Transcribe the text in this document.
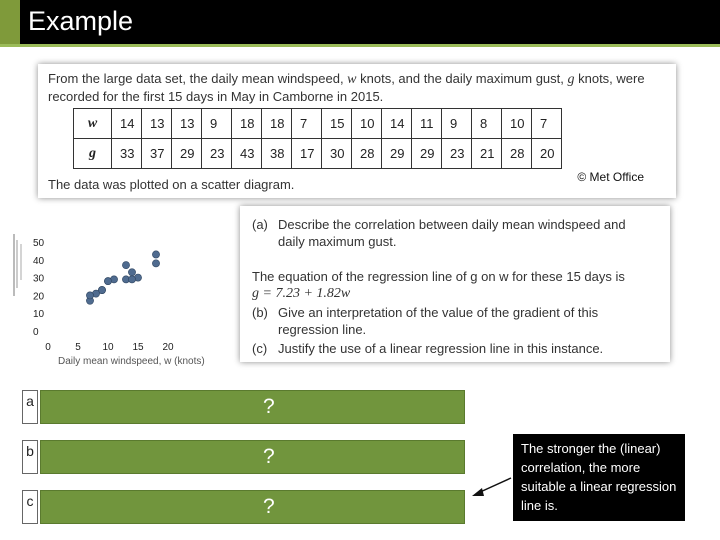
Example
From the large data set, the daily mean windspeed, w knots, and the daily maximum gust, g knots, were recorded for the first 15 days in May in Camborne in 2015.
w	14	13	13	9	18	18	7	15	10	14	11	9	8	10	7
g	33	37	29	23	43	38	17	30	28	29	29	23	21	28	20
The data was plotted on a scatter diagram.	© Met Office
0
10
20
30
40
50
0 5 10 15 20
Daily mean windspeed, w (knots)
(a) Describe the correlation between daily mean windspeed and
daily maximum gust.
The equation of the regression line of g on w for these 15 days is
g = 7.23 + 1.82w
(b) Give an interpretation of the value of the gradient of this
regression line.
(c) Justify the use of a linear regression line in this instance.
a	?
b	?
c	?
The stronger the (linear) correlation, the more suitable a linear regression line is.
